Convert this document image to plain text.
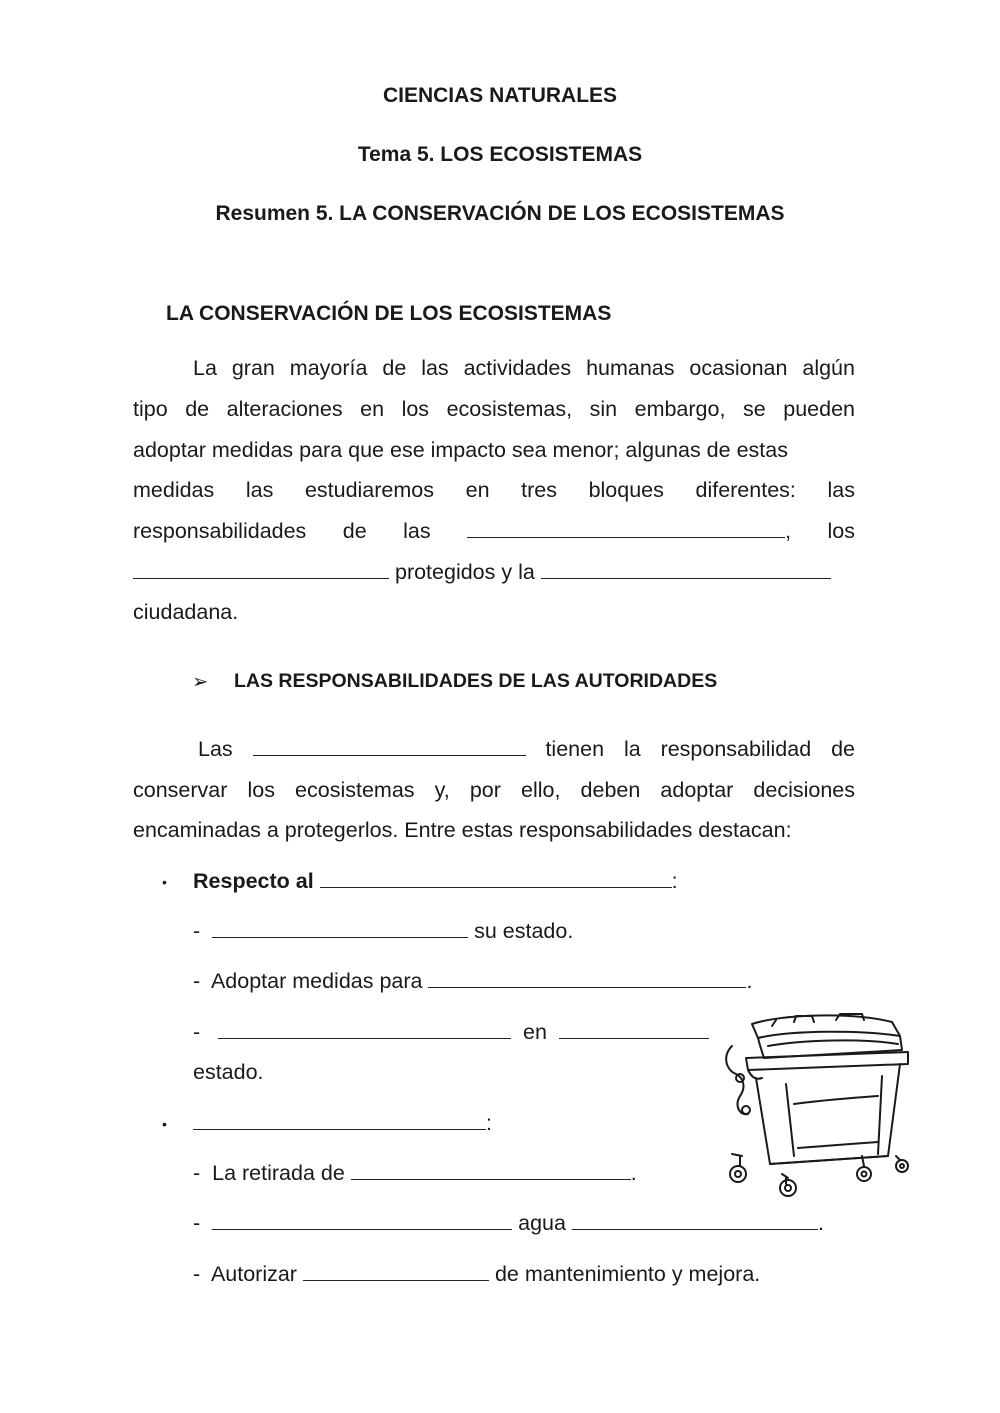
CIENCIAS NATURALES
Tema 5. LOS ECOSISTEMAS
Resumen 5. LA CONSERVACIÓN DE LOS ECOSISTEMAS
LA CONSERVACIÓN DE LOS ECOSISTEMAS
La gran mayoría de las actividades humanas ocasionan algún
tipo de alteraciones en los ecosistemas, sin embargo, se pueden
adoptar medidas para que ese impacto sea menor; algunas de estas
medidas las estudiaremos en tres bloques diferentes: las
responsabilidades de las	, los
protegidos y la
ciudadana.
➢ LAS RESPONSABILIDADES DE LAS AUTORIDADES
Las	tienen la responsabilidad de
conservar los ecosistemas y, por ello, deben adoptar decisiones
encaminadas a protegerlos. Entre estas responsabilidades destacan:
• Respecto al	:
-	su estado.
- Adoptar medidas para	.
-	en
estado.
•	:
- La retirada de	.
-	agua	.
- Autorizar	de mantenimiento y mejora.
